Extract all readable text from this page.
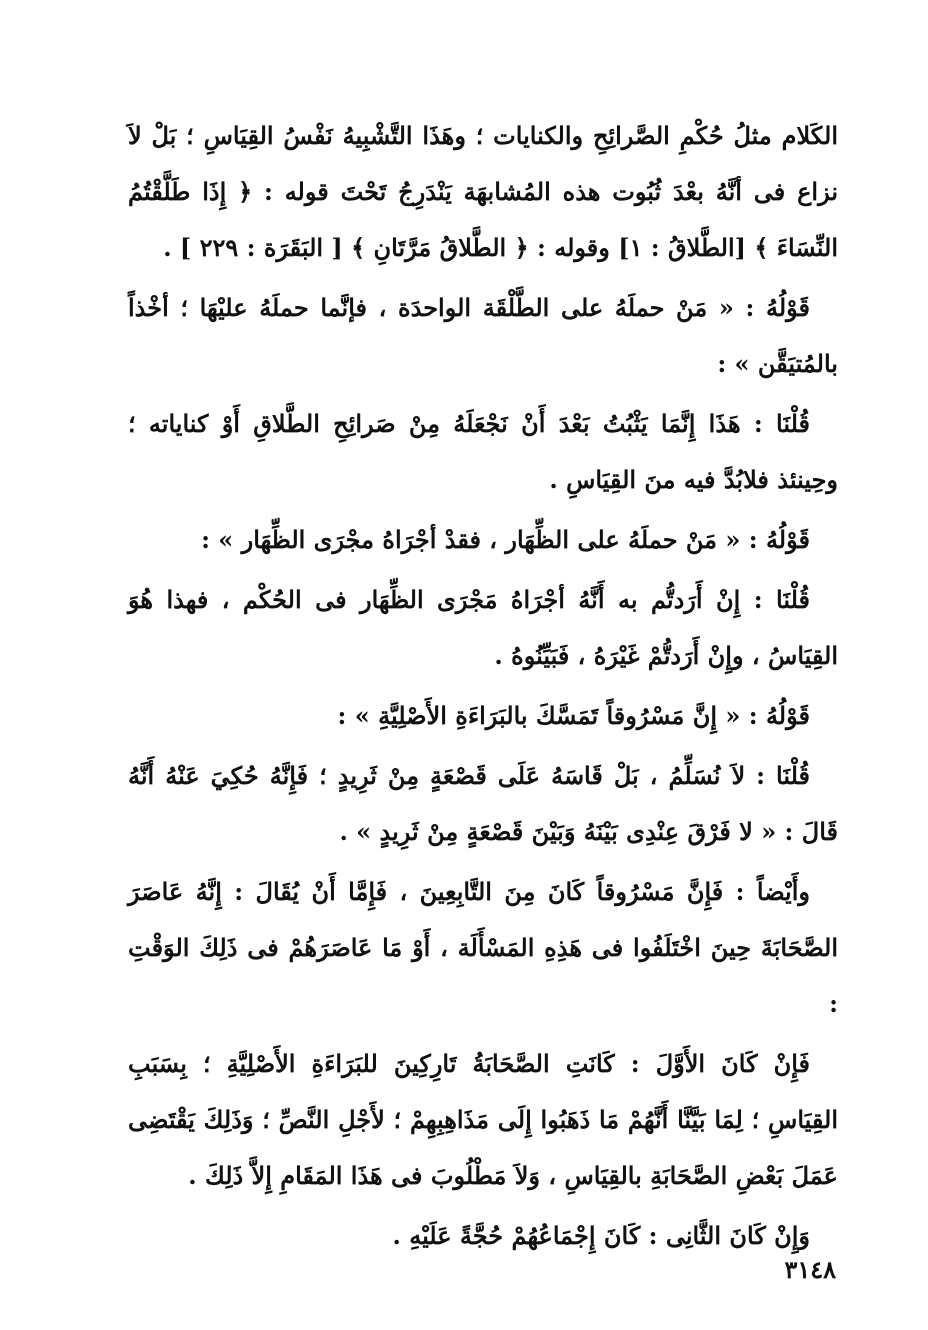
الكَلام مثلُ حُكْمِ الصَّرائِحِ والكنايات ؛ وهَذَا التَّشْبِيهُ نَفْسُ القِيَاسِ ؛ بَلْ لاَ نزاع فى أنَّهُ بعْدَ ثُبُوت هذه المُشابهَة يَنْدَرِجُ تَحْتَ قوله : ﴿ إِذَا طَلَّقْتُمُ النِّسَاءَ ﴾ [الطَّلاقُ : ١] وقوله : ﴿ الطَّلاقُ مَرَّتَانِ ﴾ [ البَقَرَة : ٢٢٩ ] .

قَوْلُهُ : « مَنْ حملَهُ على الطَّلْقَة الواحدَة ، فإنَّما حملَهُ عليْهَا ؛ أخْذاً بالمُتيَقَّن » :

قُلْنَا : هَذَا إِنَّمَا يَثْبُتُ بَعْدَ أَنْ نَجْعَلَهُ مِنْ صَرائِحِ الطَّلاقِ أَوْ كناياته ؛ وحِينئذ فلابُدَّ فيه منَ القِيَاسِ .

قَوْلُهُ : « مَنْ حملَهُ على الظِّهَار ، فقدْ أجْرَاهُ مجْرَى الظِّهَار » :

قُلْنَا : إِنْ أَرَدتُّم به أَنَّهُ أجْرَاهُ مَجْرَى الظِّهَار فى الحُكْم ، فهذا هُوَ القِيَاسُ ، وإِنْ أَرَدتُّمْ غَيْرَهُ ، فَبَيِّنُوهُ .

قَوْلُهُ : « إِنَّ مَسْرُوقاً تَمَسَّكَ بالبَرَاءَةِ الأَصْلِيَّةِ » :

قُلْنَا : لاَ نُسَلِّمُ ، بَلْ قَاسَهُ عَلَى قَصْعَةٍ مِنْ ثَرِيدٍ ؛ فَإِنَّهُ حُكِيَ عَنْهُ أَنَّهُ قَالَ : « لا فَرْقَ عِنْدِى بَيْنَهُ وَبَيْنَ قَصْعَةٍ مِنْ ثَرِيدٍ » .

وأَيْضاً : فَإِنَّ مَسْرُوقاً كَانَ مِنَ التَّابِعِينَ ، فَإِمَّا أَنْ يُقَالَ : إِنَّهُ عَاصَرَ الصَّحَابَةَ حِينَ اخْتَلَفُوا فى هَذِهِ المَسْأَلَة ، أَوْ مَا عَاصَرَهُمْ فى ذَلِكَ الوَقْتِ :

فَإِنْ كَانَ الأَوَّلَ : كَانَتِ الصَّحَابَةُ تَارِكِينَ للبَرَاءَةِ الأَصْلِيَّةِ ؛ بِسَبَبِ القِيَاسِ ؛ لِمَا بَيَّنَّا أَنَّهُمْ مَا ذَهَبُوا إِلَى مَذَاهِبِهِمْ ؛ لأَجْلِ النَّصِّ ؛ وَذَلِكَ يَقْتَضِى عَمَلَ بَعْضِ الصَّحَابَةِ بالقِيَاسِ ، وَلاَ مَطْلُوبَ فى هَذَا المَقَامِ إِلاَّ ذَلِكَ .

وَإِنْ كَانَ الثَّانِى : كَانَ إِجْمَاعُهُمْ حُجَّةً عَلَيْهِ .

٣١٤٨
